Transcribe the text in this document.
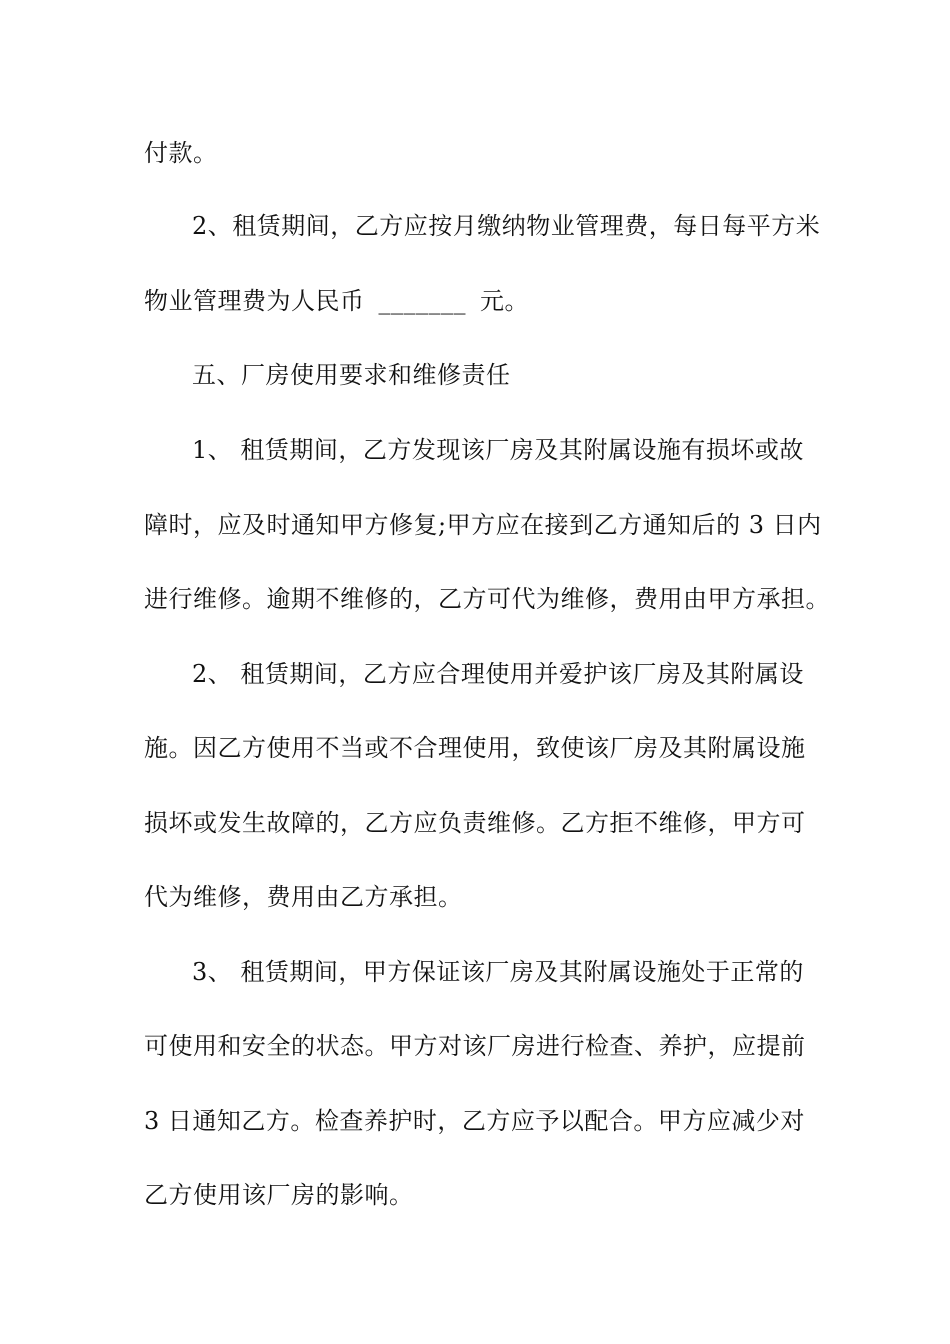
付款。
2、租赁期间，乙方应按月缴纳物业管理费，每日每平方米
物业管理费为人民币 _______ 元。
五、厂房使用要求和维修责任
1、 租赁期间，乙方发现该厂房及其附属设施有损坏或故
障时，应及时通知甲方修复;甲方应在接到乙方通知后的 3 日内
进行维修。逾期不维修的，乙方可代为维修，费用由甲方承担。
2、 租赁期间，乙方应合理使用并爱护该厂房及其附属设
施。因乙方使用不当或不合理使用，致使该厂房及其附属设施
损坏或发生故障的，乙方应负责维修。乙方拒不维修，甲方可
代为维修，费用由乙方承担。
3、 租赁期间，甲方保证该厂房及其附属设施处于正常的
可使用和安全的状态。甲方对该厂房进行检查、养护，应提前
3 日通知乙方。检查养护时，乙方应予以配合。甲方应减少对
乙方使用该厂房的影响。
